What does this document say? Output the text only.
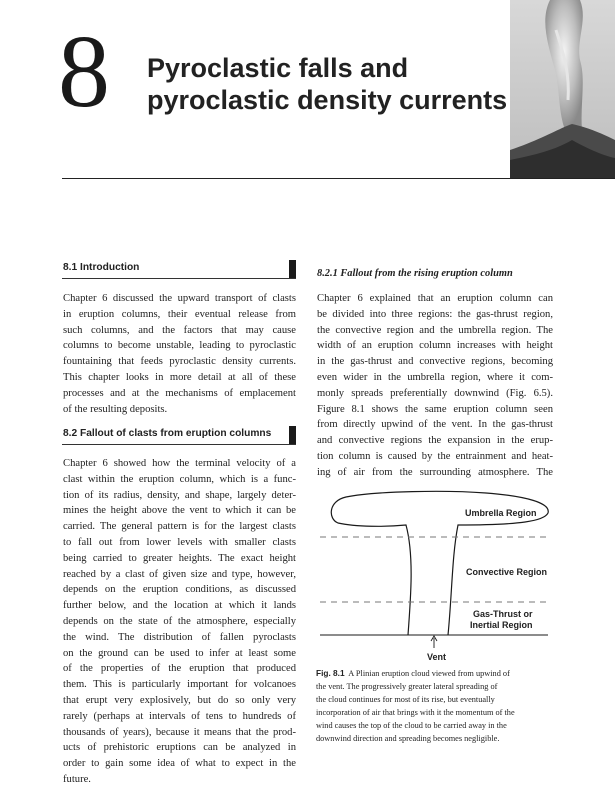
8 Pyroclastic falls and
pyroclastic density currents
8.1 Introduction
Chapter 6 discussed the upward transport of clasts
in eruption columns, their eventual release from
such columns, and the factors that may cause
columns to become unstable, leading to pyroclastic
fountaining that feeds pyroclastic density currents.
This chapter looks in more detail at all of these
processes and at the mechanisms of emplacement
of the resulting deposits.
8.2 Fallout of clasts from eruption columns
Chapter 6 showed how the terminal velocity of a
clast within the eruption column, which is a func-
tion of its radius, density, and shape, largely deter-
mines the height above the vent to which it can be
carried. The general pattern is for the largest clasts
to fall out from lower levels with smaller clasts
being carried to greater heights. The exact height
reached by a clast of given size and type, however,
depends on the eruption conditions, as discussed
further below, and the location at which it lands
depends on the state of the atmosphere, especially
the wind. The distribution of fallen pyroclasts
on the ground can be used to infer at least some
of the properties of the eruption that produced
them. This is particularly important for volcanoes
that erupt very explosively, but do so only very
rarely (perhaps at intervals of tens to hundreds of
thousands of years), because it means that the prod-
ucts of prehistoric eruptions can be analyzed in
order to gain some idea of what to expect in the
future.
8.2.1 Fallout from the rising eruption column
Chapter 6 explained that an eruption column can
be divided into three regions: the gas-thrust region,
the convective region and the umbrella region. The
width of an eruption column increases with height
in the gas-thrust and convective regions, becoming
even wider in the umbrella region, where it com-
monly spreads preferentially downwind (Fig. 6.5).
Figure 8.1 shows the same eruption column seen
from directly upwind of the vent. In the gas-thrust
and convective regions the expansion in the erup-
tion column is caused by the entrainment and heat-
ing of air from the surrounding atmosphere. The
Umbrella Region
Convective Region
Gas-Thrust or
Inertial Region
Vent
Fig. 8.1 A Plinian eruption cloud viewed from upwind of
the vent. The progressively greater lateral spreading of
the cloud continues for most of its rise, but eventually
incorporation of air that brings with it the momentum of the
wind causes the top of the cloud to be carried away in the
downwind direction and spreading becomes negligible.
